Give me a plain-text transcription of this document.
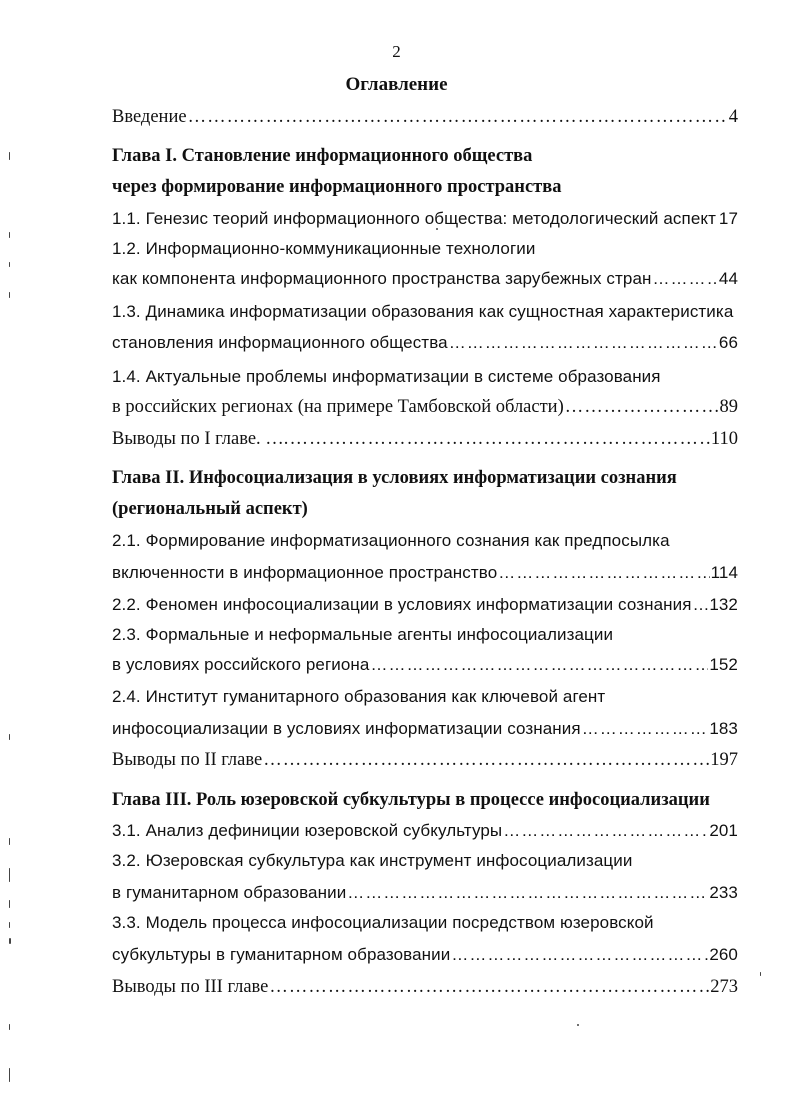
2
Оглавление
Введение ……………………………………………………………………………………………………………………………………………………………………	4
Глава I. Становление информационного общества
через формирование информационного пространства
1.1. Генезис теорий информационного общества: методологический аспект …………………………………………………………………………………………………………………………………………………………………… 17
1.2. Информационно-коммуникационные технологии
как компонента информационного пространства зарубежных стран ……………………………………………………………………………………………………………………………………………………………………	44
1.3. Динамика информатизации образования как сущностная характеристика
становления информационного общества ……………………………………………………………………………………………………………………………………………………………………	66
1.4. Актуальные проблемы информатизации в системе образования
в российских регионах (на примере Тамбовской области) ……………………………………………………………………………………………………………………………………………………………………	89
Выводы по I главе. …. ……………………………………………………………………………………………………………………………………………………………………	110
Глава II. Инфосоциализация в условиях информатизации сознания
(региональный аспект)
2.1. Формирование информатизационного сознания как предпосылка
включенности в информационное пространство ……………………………………………………………………………………………………………………………………………………………………	114
2.2. Феномен инфосоциализации в условиях информатизации сознания …………………………………………………………………………………………………………………………………………………………………… 132
2.3. Формальные и неформальные агенты инфосоциализации
в условиях российского региона ……………………………………………………………………………………………………………………………………………………………………	152
2.4. Институт гуманитарного образования как ключевой агент
инфосоциализации в условиях информатизации сознания ……………………………………………………………………………………………………………………………………………………………………	183
Выводы по II главе ……………………………………………………………………………………………………………………………………………………………………	197
Глава III. Роль юзеровской субкультуры в процессе инфосоциализации
3.1. Анализ дефиниции юзеровской субкультуры ……………………………………………………………………………………………………………………………………………………………………	201
3.2. Юзеровская субкультура как инструмент инфосоциализации
в гуманитарном образовании ……………………………………………………………………………………………………………………………………………………………………	233
3.3. Модель процесса инфосоциализации посредством юзеровской
субкультуры в гуманитарном образовании ……………………………………………………………………………………………………………………………………………………………………	260
Выводы по III главе ……………………………………………………………………………………………………………………………………………………………………	273
